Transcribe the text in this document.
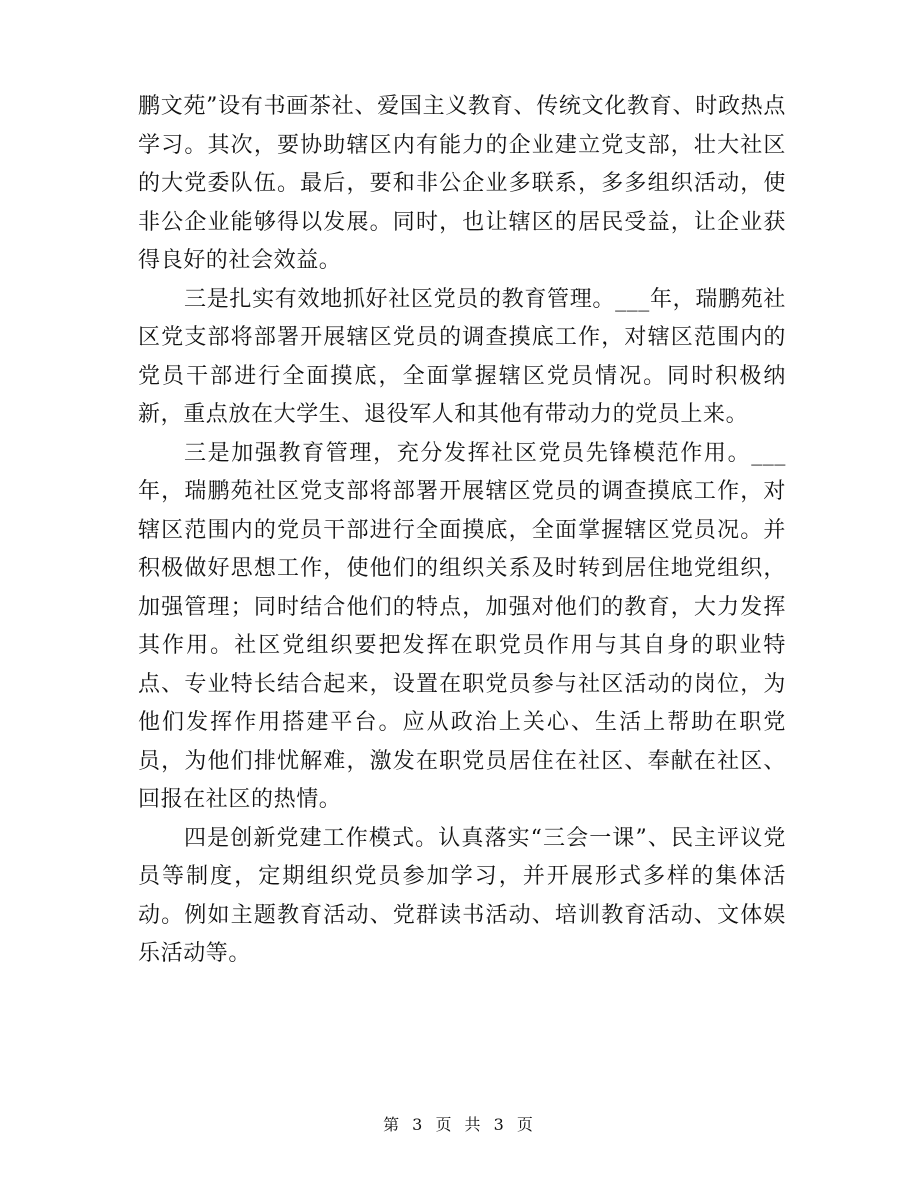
鹏文苑”设有书画茶社、爱国主义教育、传统文化教育、时政热点学习。其次，要协助辖区内有能力的企业建立党支部，壮大社区的大党委队伍。最后，要和非公企业多联系，多多组织活动，使非公企业能够得以发展。同时，也让辖区的居民受益，让企业获得良好的社会效益。

三是扎实有效地抓好社区党员的教育管理。___年，瑞鹏苑社区党支部将部署开展辖区党员的调查摸底工作，对辖区范围内的党员干部进行全面摸底，全面掌握辖区党员情况。同时积极纳新，重点放在大学生、退役军人和其他有带动力的党员上来。

三是加强教育管理，充分发挥社区党员先锋模范作用。___年，瑞鹏苑社区党支部将部署开展辖区党员的调查摸底工作，对辖区范围内的党员干部进行全面摸底，全面掌握辖区党员况。并积极做好思想工作，使他们的组织关系及时转到居住地党组织，加强管理；同时结合他们的特点，加强对他们的教育，大力发挥其作用。社区党组织要把发挥在职党员作用与其自身的职业特点、专业特长结合起来，设置在职党员参与社区活动的岗位，为他们发挥作用搭建平台。应从政治上关心、生活上帮助在职党员，为他们排忧解难，激发在职党员居住在社区、奉献在社区、回报在社区的热情。

四是创新党建工作模式。认真落实“三会一课”、民主评议党员等制度，定期组织党员参加学习，并开展形式多样的集体活动。例如主题教育活动、党群读书活动、培训教育活动、文体娱乐活动等。

第 3 页 共 3 页
